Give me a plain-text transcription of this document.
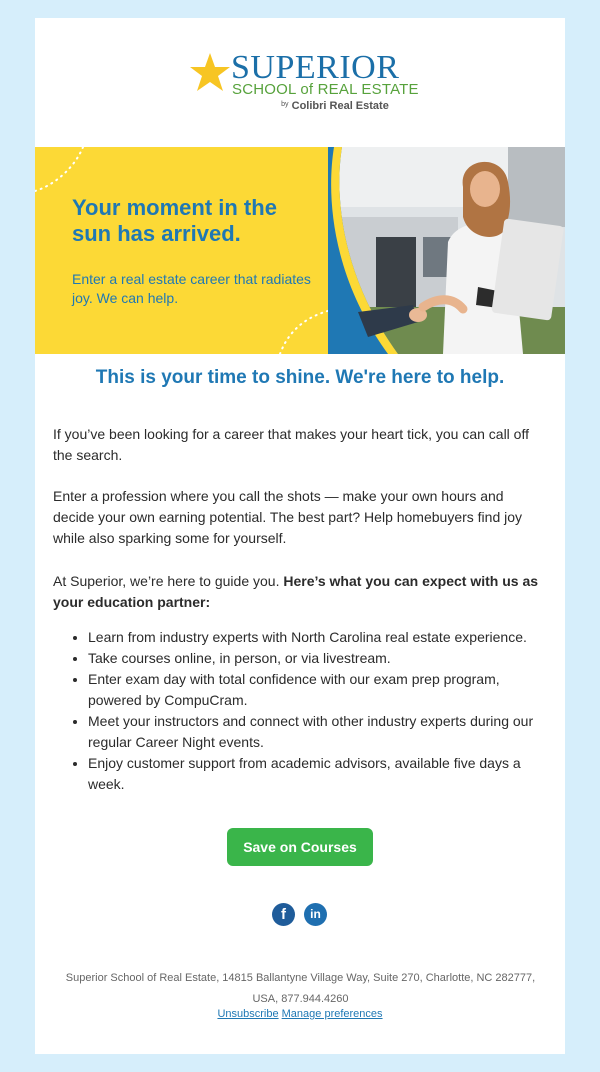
SUPERIOR
SCHOOL of REAL ESTATE
$^{by}$ Colibri Real Estate
Your moment in the sun has arrived.
Enter a real estate career that radiates joy. We can help.
This is your time to shine. We're here to help.

If you’ve been looking for a career that makes your heart tick, you can call off the search.

Enter a profession where you call the shots — make your own hours and decide your own earning potential. The best part? Help homebuyers find joy while also sparking some for yourself.

At Superior, we’re here to guide you. Here’s what you can expect with us as your education partner:

• Learn from industry experts with North Carolina real estate experience.
• Take courses online, in person, or via livestream.
• Enter exam day with total confidence with our exam prep program, powered by CompuCram.
• Meet your instructors and connect with other industry experts during our regular Career Night events.
• Enjoy customer support from academic advisors, available five days a week.
Save on Courses
f	in
Superior School of Real Estate, 14815 Ballantyne Village Way, Suite 270, Charlotte, NC 282777, USA, 877.944.4260
Unsubscribe Manage preferences
